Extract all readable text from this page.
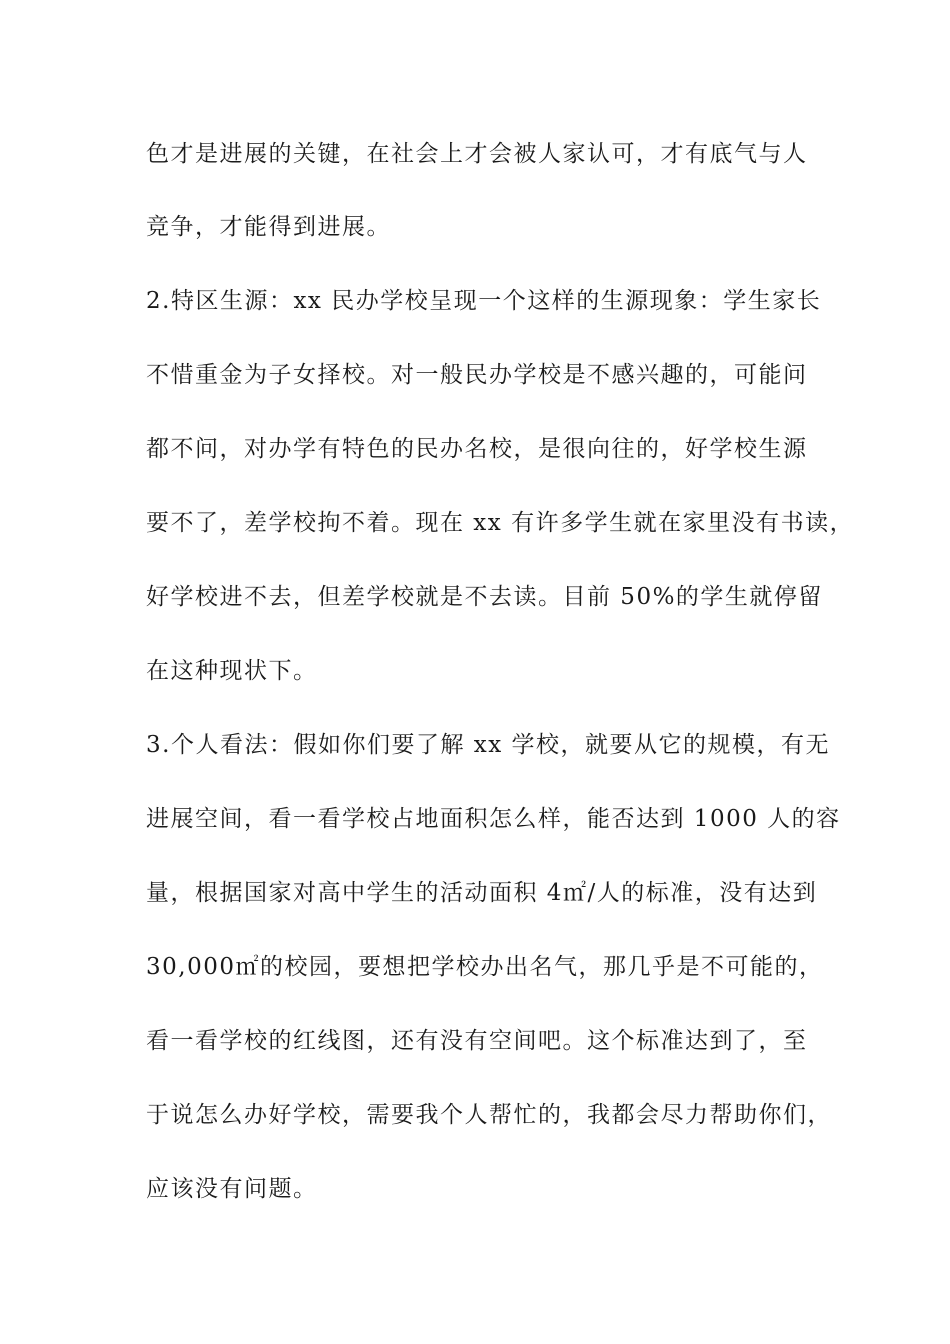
色才是进展的关键，在社会上才会被人家认可，才有底气与人
竞争，才能得到进展。
2.特区生源：xx 民办学校呈现一个这样的生源现象：学生家长
不惜重金为子女择校。对一般民办学校是不感兴趣的，可能问
都不问，对办学有特色的民办名校，是很向往的，好学校生源
要不了，差学校拘不着。现在 xx 有许多学生就在家里没有书读，
好学校进不去，但差学校就是不去读。目前 50%的学生就停留
在这种现状下。
3.个人看法：假如你们要了解 xx 学校，就要从它的规模，有无
进展空间，看一看学校占地面积怎么样，能否达到 1000 人的容
量，根据国家对高中学生的活动面积 4㎡/人的标准，没有达到
30,000㎡的校园，要想把学校办出名气，那几乎是不可能的，
看一看学校的红线图，还有没有空间吧。这个标准达到了，至
于说怎么办好学校，需要我个人帮忙的，我都会尽力帮助你们，
应该没有问题。
